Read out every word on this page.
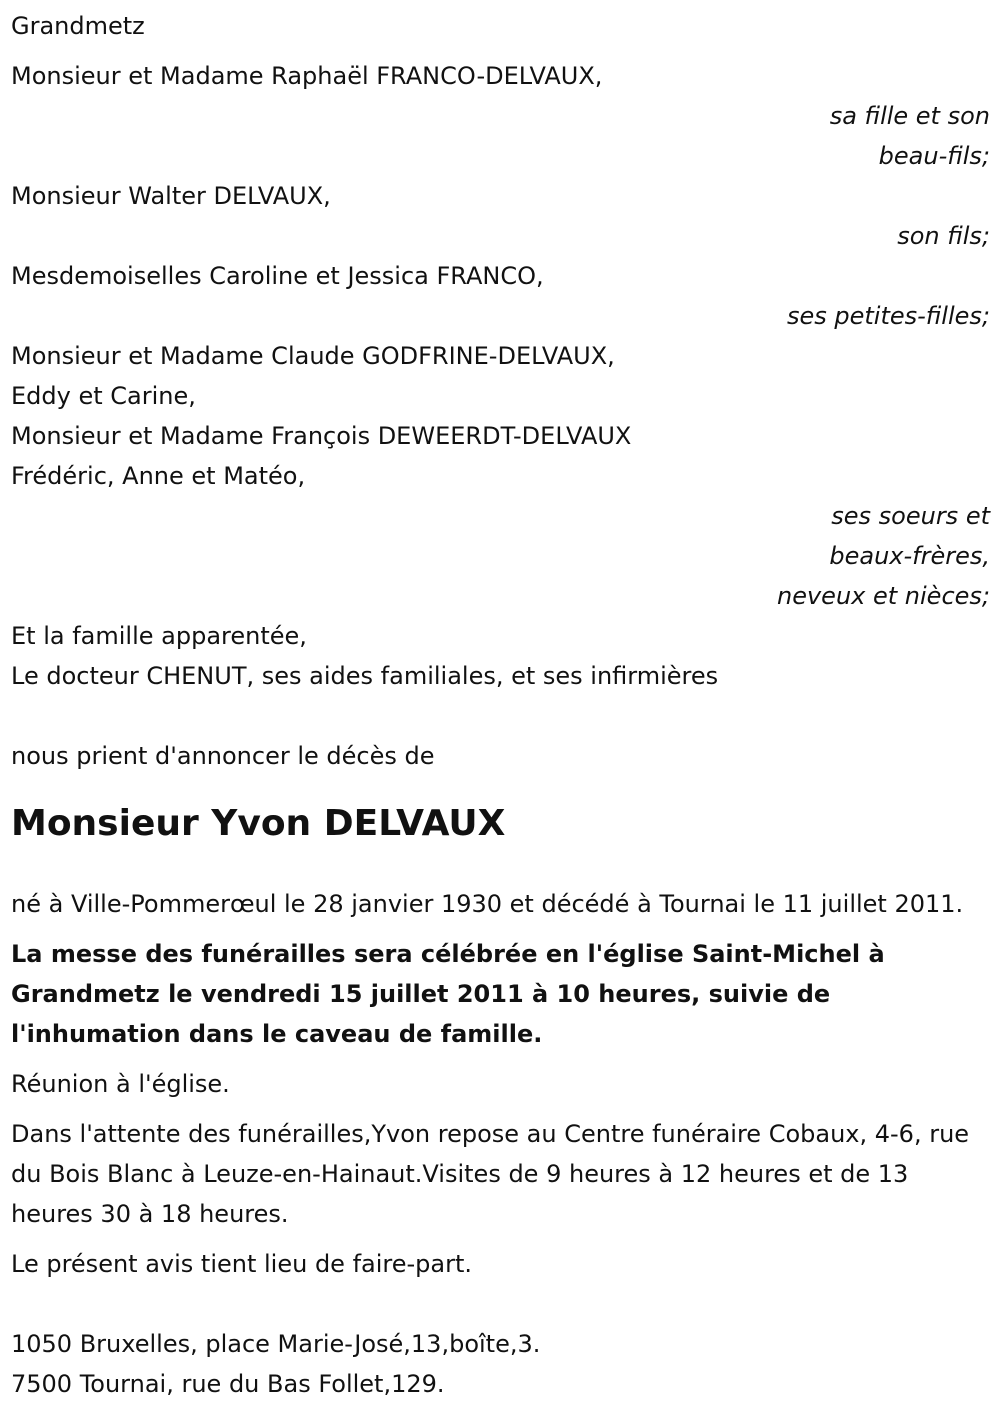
Grandmetz
Monsieur et Madame Raphaël FRANCO-DELVAUX,
sa fille et son
beau-fils;
Monsieur Walter DELVAUX,
son fils;
Mesdemoiselles Caroline et Jessica FRANCO,
ses petites-filles;
Monsieur et Madame Claude GODFRINE-DELVAUX,
Eddy et Carine,
Monsieur et Madame François DEWEERDT-DELVAUX
Frédéric, Anne et Matéo,
ses soeurs et
beaux-frères,
neveux et nièces;
Et la famille apparentée,
Le docteur CHENUT, ses aides familiales, et ses infirmières
nous prient d'annoncer le décès de
Monsieur Yvon DELVAUX
né à Ville-Pommerœul le 28 janvier 1930 et décédé à Tournai le 11 juillet 2011.
La messe des funérailles sera célébrée en l'église Saint-Michel à Grandmetz le vendredi 15 juillet 2011 à 10 heures, suivie de l'inhumation dans le caveau de famille.
Réunion à l'église.
Dans l'attente des funérailles,Yvon repose au Centre funéraire Cobaux, 4-6, rue du Bois Blanc à Leuze-en-Hainaut.Visites de 9 heures à 12 heures et de 13 heures 30 à 18 heures.
Le présent avis tient lieu de faire-part.
1050 Bruxelles, place Marie-José,13,boîte,3.
7500 Tournai, rue du Bas Follet,129.
